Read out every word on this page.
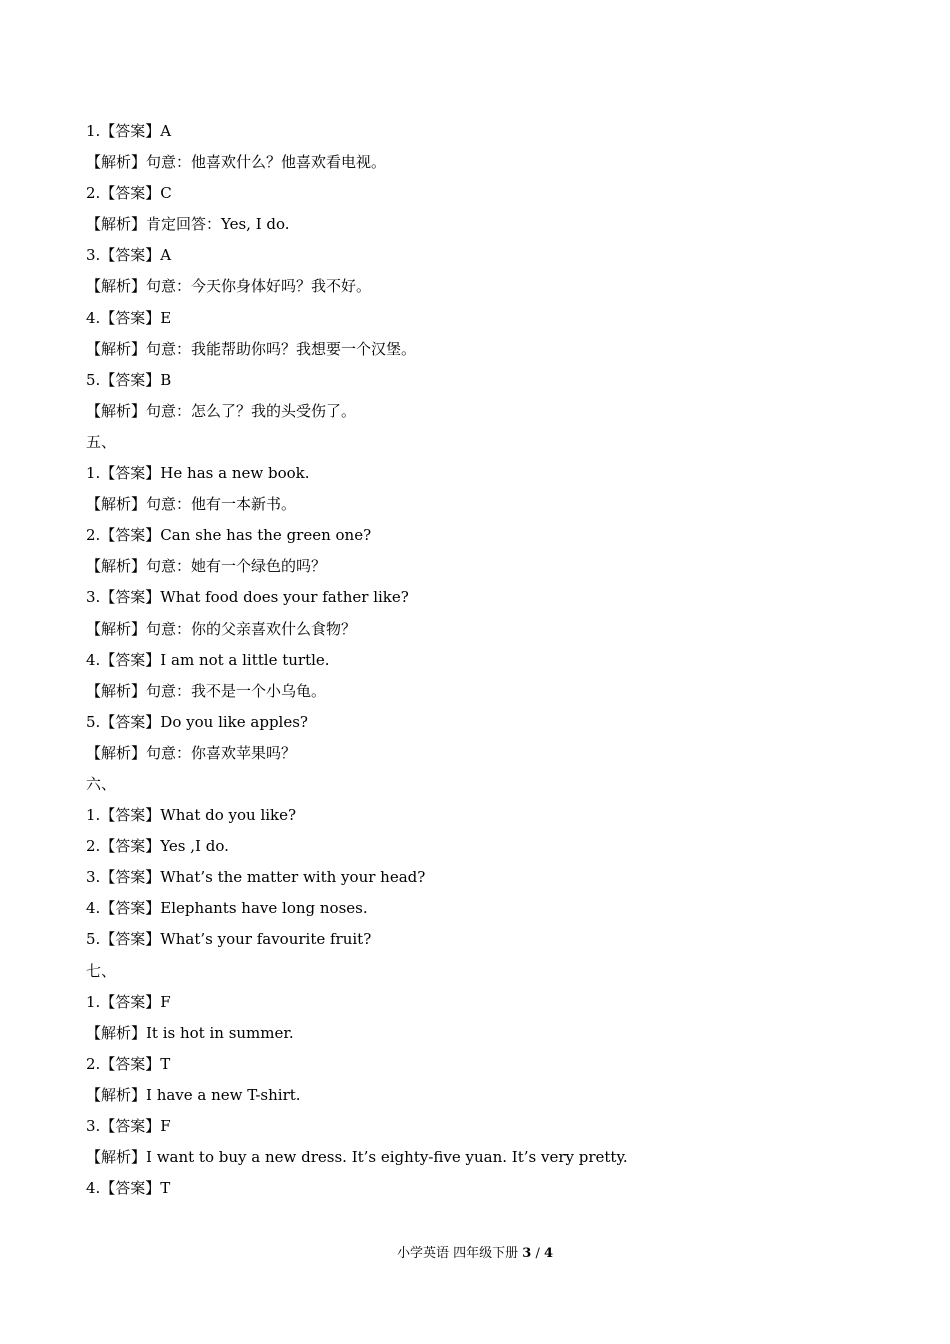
1.【答案】A
【解析】句意：他喜欢什么？他喜欢看电视。
2.【答案】C
【解析】肯定回答：Yes, I do.
3.【答案】A
【解析】句意：今天你身体好吗？我不好。
4.【答案】E
【解析】句意：我能帮助你吗？我想要一个汉堡。
5.【答案】B
【解析】句意：怎么了？我的头受伤了。
五、
1.【答案】He has a new book.
【解析】句意：他有一本新书。
2.【答案】Can she has the green one?
【解析】句意：她有一个绿色的吗？
3.【答案】What food does your father like?
【解析】句意：你的父亲喜欢什么食物？
4.【答案】I am not a little turtle.
【解析】句意：我不是一个小乌龟。
5.【答案】Do you like apples?
【解析】句意：你喜欢苹果吗？
六、
1.【答案】What do you like?
2.【答案】Yes ,I do.
3.【答案】What’s the matter with your head?
4.【答案】Elephants have long noses.
5.【答案】What’s your favourite fruit?
七、
1.【答案】F
【解析】It is hot in summer.
2.【答案】T
【解析】I have a new T-shirt.
3.【答案】F
【解析】I want to buy a new dress. It’s eighty-five yuan. It’s very pretty.
4.【答案】T
小学英语 四年级下册 3 / 4
